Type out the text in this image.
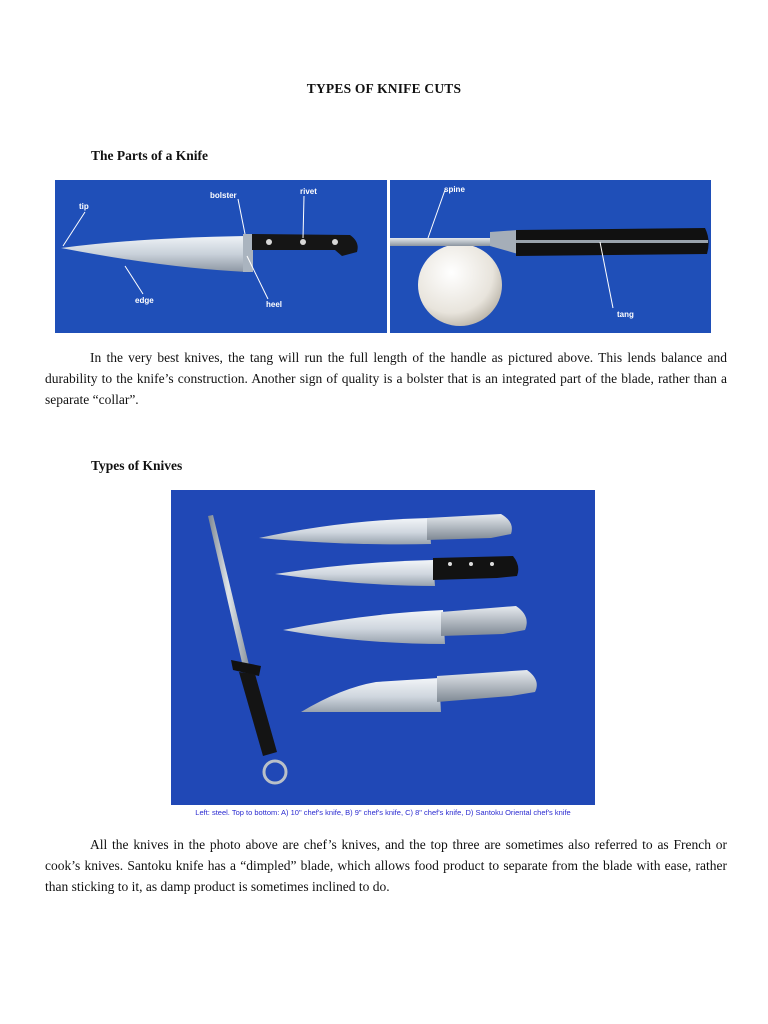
TYPES OF KNIFE CUTS
The Parts of a Knife
tip
bolster	rivet
edge	heel
spine
tang

In the very best knives, the tang will run the full length of the handle as pictured above. This lends balance and durability to the knife’s construction. Another sign of quality is a bolster that is an integrated part of the blade, rather than a separate “collar”.

Types of Knives
Left: steel. Top to bottom: A) 10" chef's knife, B) 9" chef's knife, C) 8" chef's knife, D) Santoku Oriental chef's knife

All the knives in the photo above are chef’s knives, and the top three are sometimes also referred to as French or cook’s knives. Santoku knife has a “dimpled” blade, which allows food product to separate from the blade with ease, rather than sticking to it, as damp product is sometimes inclined to do.
